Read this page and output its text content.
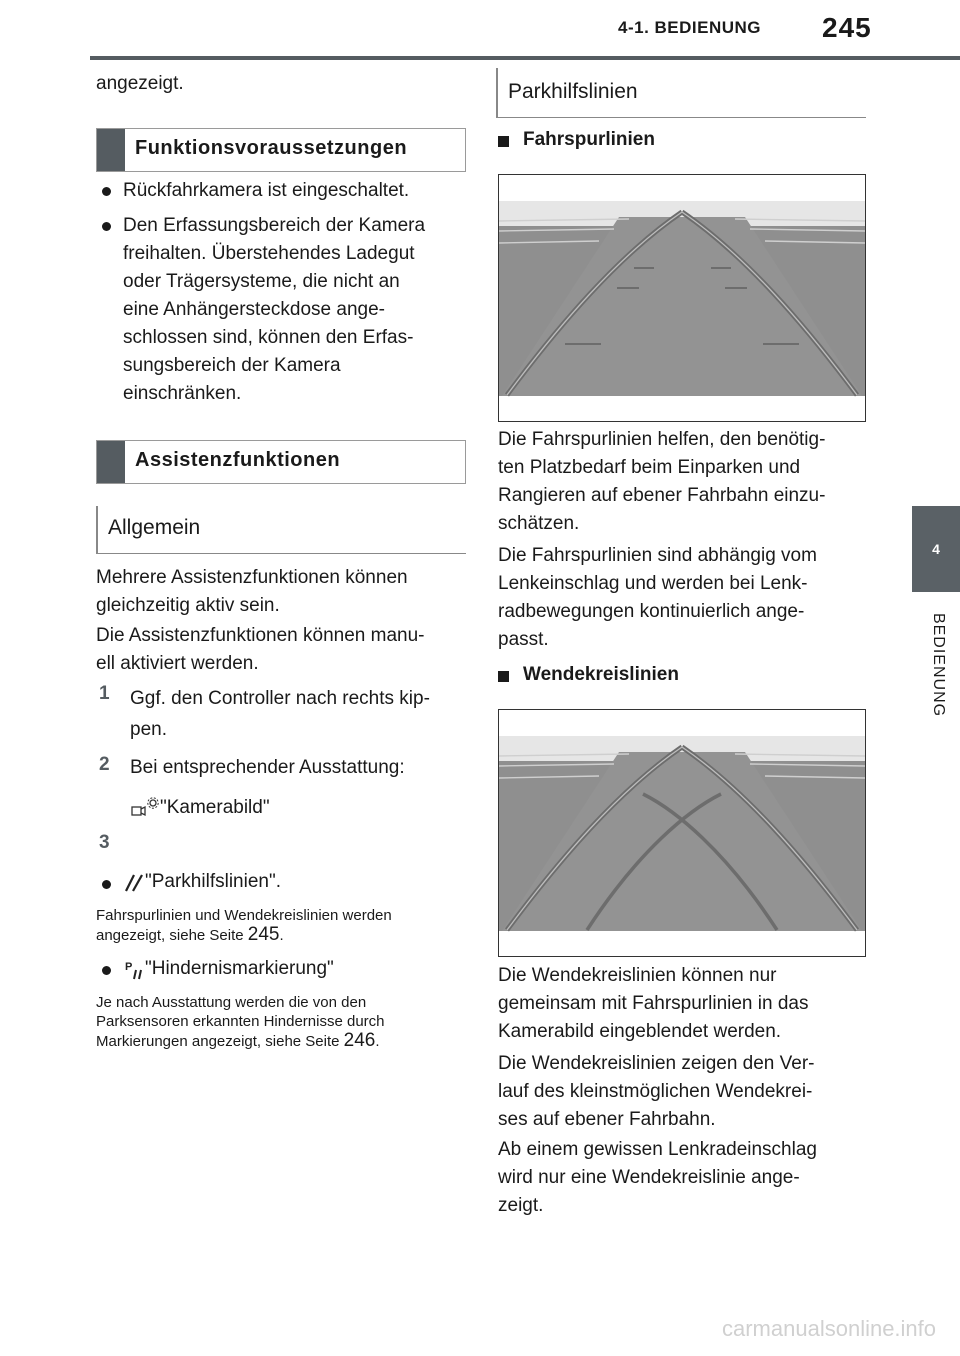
4-1. BEDIENUNG 245
4
BEDIENUNG
angezeigt.
Funktionsvoraussetzungen
Rückfahrkamera ist eingeschaltet.
Den Erfassungsbereich der Kamera
freihalten. Überstehendes Ladegut
oder Trägersysteme, die nicht an
eine Anhängersteckdose ange-
schlossen sind, können den Erfas-
sungsbereich der Kamera
einschränken.
Assistenzfunktionen
Allgemein
Mehrere Assistenzfunktionen können
gleichzeitig aktiv sein.
Die Assistenzfunktionen können manu-
ell aktiviert werden.
1 Ggf. den Controller nach rechts kip-
pen.
2 Bei entsprechender Ausstattung:
"Kamerabild"
3
"Parkhilfslinien".
Fahrspurlinien und Wendekreislinien werden
angezeigt, siehe Seite 245.
P "Hindernismarkierung"
Je nach Ausstattung werden die von den
Parksensoren erkannten Hindernisse durch
Markierungen angezeigt, siehe Seite 246.
Parkhilfslinien
Fahrspurlinien
Die Fahrspurlinien helfen, den benötig-
ten Platzbedarf beim Einparken und
Rangieren auf ebener Fahrbahn einzu-
schätzen.
Die Fahrspurlinien sind abhängig vom
Lenkeinschlag und werden bei Lenk-
radbewegungen kontinuierlich ange-
passt.
Wendekreislinien
Die Wendekreislinien können nur
gemeinsam mit Fahrspurlinien in das
Kamerabild eingeblendet werden.
Die Wendekreislinien zeigen den Ver-
lauf des kleinstmöglichen Wendekrei-
ses auf ebener Fahrbahn.
Ab einem gewissen Lenkradeinschlag
wird nur eine Wendekreislinie ange-
zeigt.
carmanualsonline.info
